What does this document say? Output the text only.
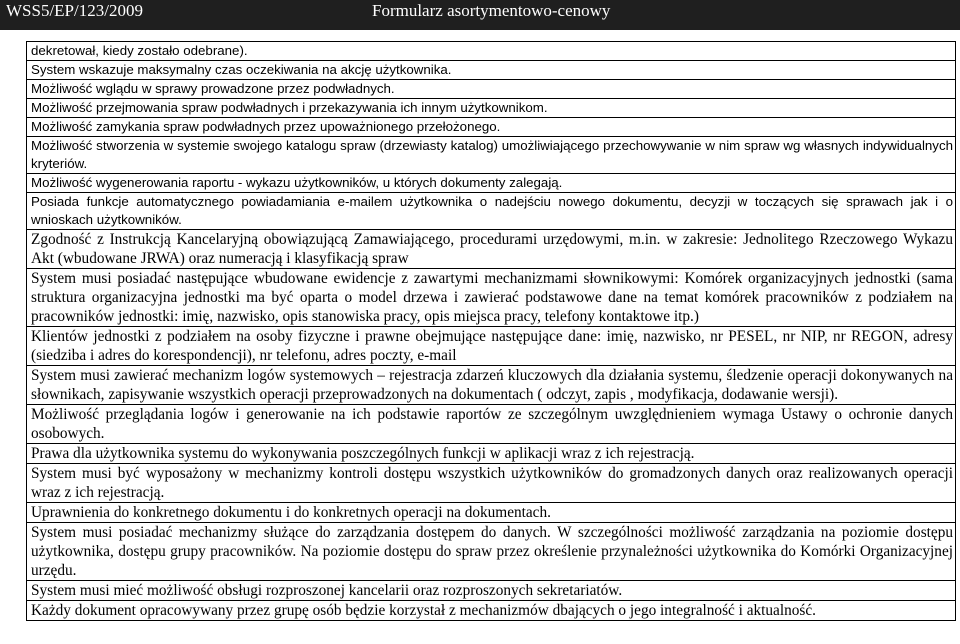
WSS5/EP/123/2009	Formularz asortymentowo-cenowy
dekretował, kiedy zostało odebrane).
System wskazuje maksymalny czas oczekiwania na akcję użytkownika.
Możliwość wglądu w sprawy prowadzone przez podwładnych.
Możliwość przejmowania spraw podwładnych i przekazywania ich innym użytkownikom.
Możliwość zamykania spraw podwładnych przez upoważnionego przełożonego.
Możliwość stworzenia w systemie swojego katalogu spraw (drzewiasty katalog) umożliwiającego przechowywanie w nim spraw wg własnych indywidualnych kryteriów.
Możliwość wygenerowania raportu - wykazu użytkowników, u których dokumenty zalegają.
Posiada funkcje automatycznego powiadamiania e-mailem użytkownika o nadejściu nowego dokumentu, decyzji w toczących się sprawach jak i o wnioskach użytkowników.
Zgodność z Instrukcją Kancelaryjną obowiązującą Zamawiającego, procedurami urzędowymi, m.in. w zakresie: Jednolitego Rzeczowego Wykazu Akt (wbudowane JRWA) oraz numeracją i klasyfikacją spraw
System musi posiadać następujące wbudowane ewidencje z zawartymi mechanizmami słownikowymi: Komórek organizacyjnych jednostki (sama struktura organizacyjna jednostki ma być oparta o model drzewa i zawierać podstawowe dane na temat komórek pracowników z podziałem na pracowników jednostki: imię, nazwisko, opis stanowiska pracy, opis miejsca pracy, telefony kontaktowe itp.)
Klientów jednostki z podziałem na osoby fizyczne i prawne obejmujące następujące dane: imię, nazwisko, nr PESEL, nr NIP, nr REGON, adresy (siedziba i adres do korespondencji), nr telefonu, adres poczty, e-mail
System musi zawierać mechanizm logów systemowych – rejestracja zdarzeń kluczowych dla działania systemu, śledzenie operacji dokonywanych na słownikach, zapisywanie wszystkich operacji przeprowadzonych na dokumentach ( odczyt, zapis , modyfikacja, dodawanie wersji).
Możliwość przeglądania logów i generowanie na ich podstawie raportów ze szczególnym uwzględnieniem wymaga Ustawy o ochronie danych osobowych.
Prawa dla użytkownika systemu do wykonywania poszczególnych funkcji w aplikacji wraz z ich rejestracją.
System musi być wyposażony w mechanizmy kontroli dostępu wszystkich użytkowników do gromadzonych danych oraz realizowanych operacji wraz z ich rejestracją.
Uprawnienia do konkretnego dokumentu i do konkretnych operacji na dokumentach.
System musi posiadać mechanizmy służące do zarządzania dostępem do danych. W szczególności możliwość zarządzania na poziomie dostępu użytkownika, dostępu grupy pracowników. Na poziomie dostępu do spraw przez określenie przynależności użytkownika do Komórki Organizacyjnej urzędu.
System musi mieć możliwość obsługi rozproszonej kancelarii oraz rozproszonych sekretariatów.
Każdy dokument opracowywany przez grupę osób będzie korzystał z mechanizmów dbających o jego integralność i aktualność.
